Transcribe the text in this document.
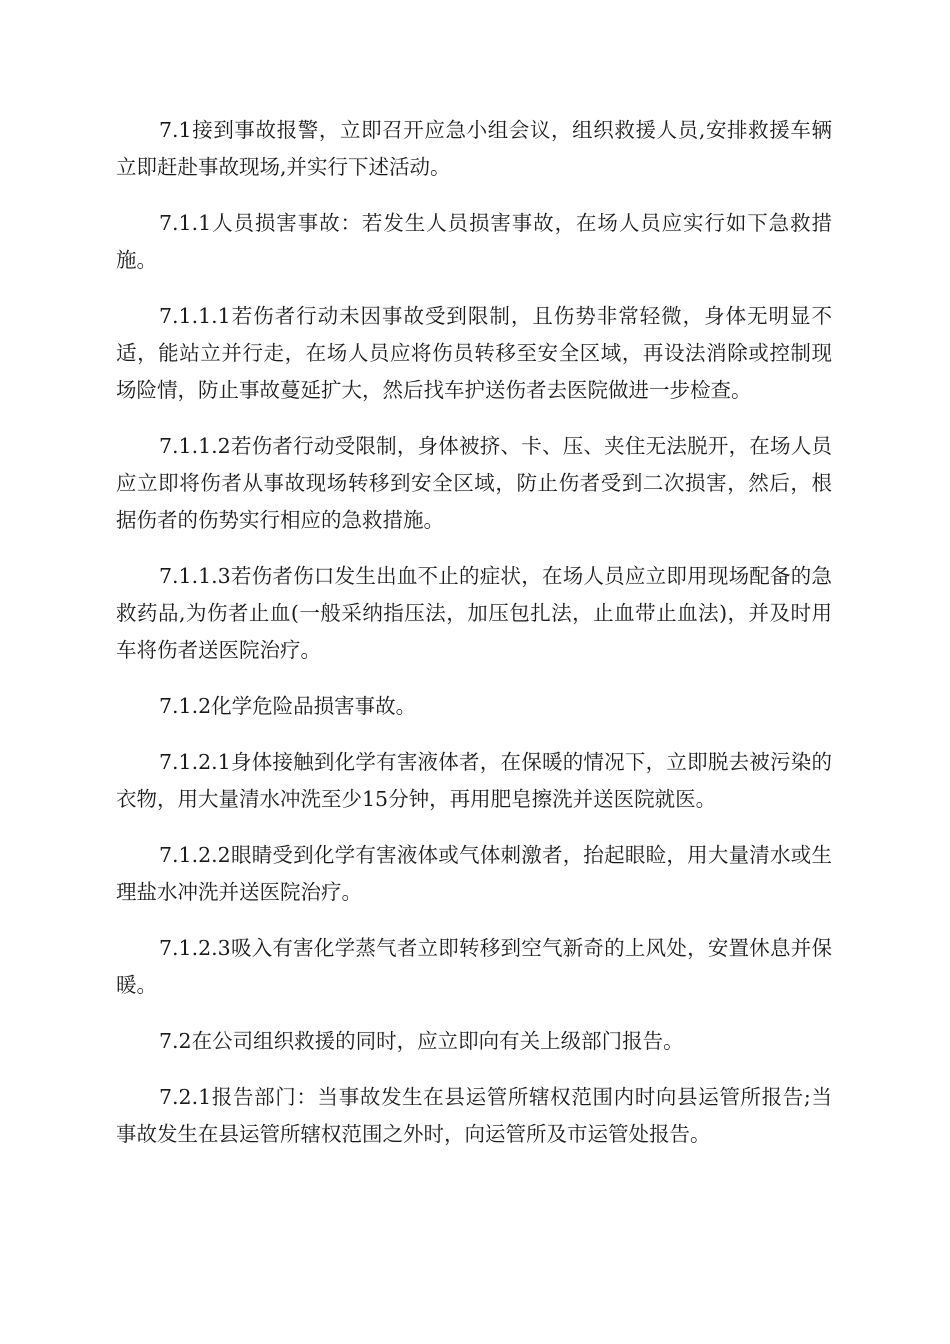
7.1接到事故报警，立即召开应急小组会议，组织救援人员,安排救援车辆立即赶赴事故现场,并实行下述活动。

7.1.1人员损害事故：若发生人员损害事故，在场人员应实行如下急救措施。

7.1.1.1若伤者行动未因事故受到限制，且伤势非常轻微，身体无明显不适，能站立并行走，在场人员应将伤员转移至安全区域，再设法消除或控制现场险情，防止事故蔓延扩大，然后找车护送伤者去医院做进一步检查。

7.1.1.2若伤者行动受限制，身体被挤、卡、压、夹住无法脱开，在场人员应立即将伤者从事故现场转移到安全区域，防止伤者受到二次损害，然后，根据伤者的伤势实行相应的急救措施。

7.1.1.3若伤者伤口发生出血不止的症状，在场人员应立即用现场配备的急救药品,为伤者止血(一般采纳指压法，加压包扎法，止血带止血法)，并及时用车将伤者送医院治疗。

7.1.2化学危险品损害事故。

7.1.2.1身体接触到化学有害液体者，在保暖的情况下，立即脱去被污染的衣物，用大量清水冲洗至少15分钟，再用肥皂擦洗并送医院就医。

7.1.2.2眼睛受到化学有害液体或气体刺激者，抬起眼睑，用大量清水或生理盐水冲洗并送医院治疗。

7.1.2.3吸入有害化学蒸气者立即转移到空气新奇的上风处，安置休息并保暖。

7.2在公司组织救援的同时，应立即向有关上级部门报告。

7.2.1报告部门：当事故发生在县运管所辖权范围内时向县运管所报告;当事故发生在县运管所辖权范围之外时，向运管所及市运管处报告。
